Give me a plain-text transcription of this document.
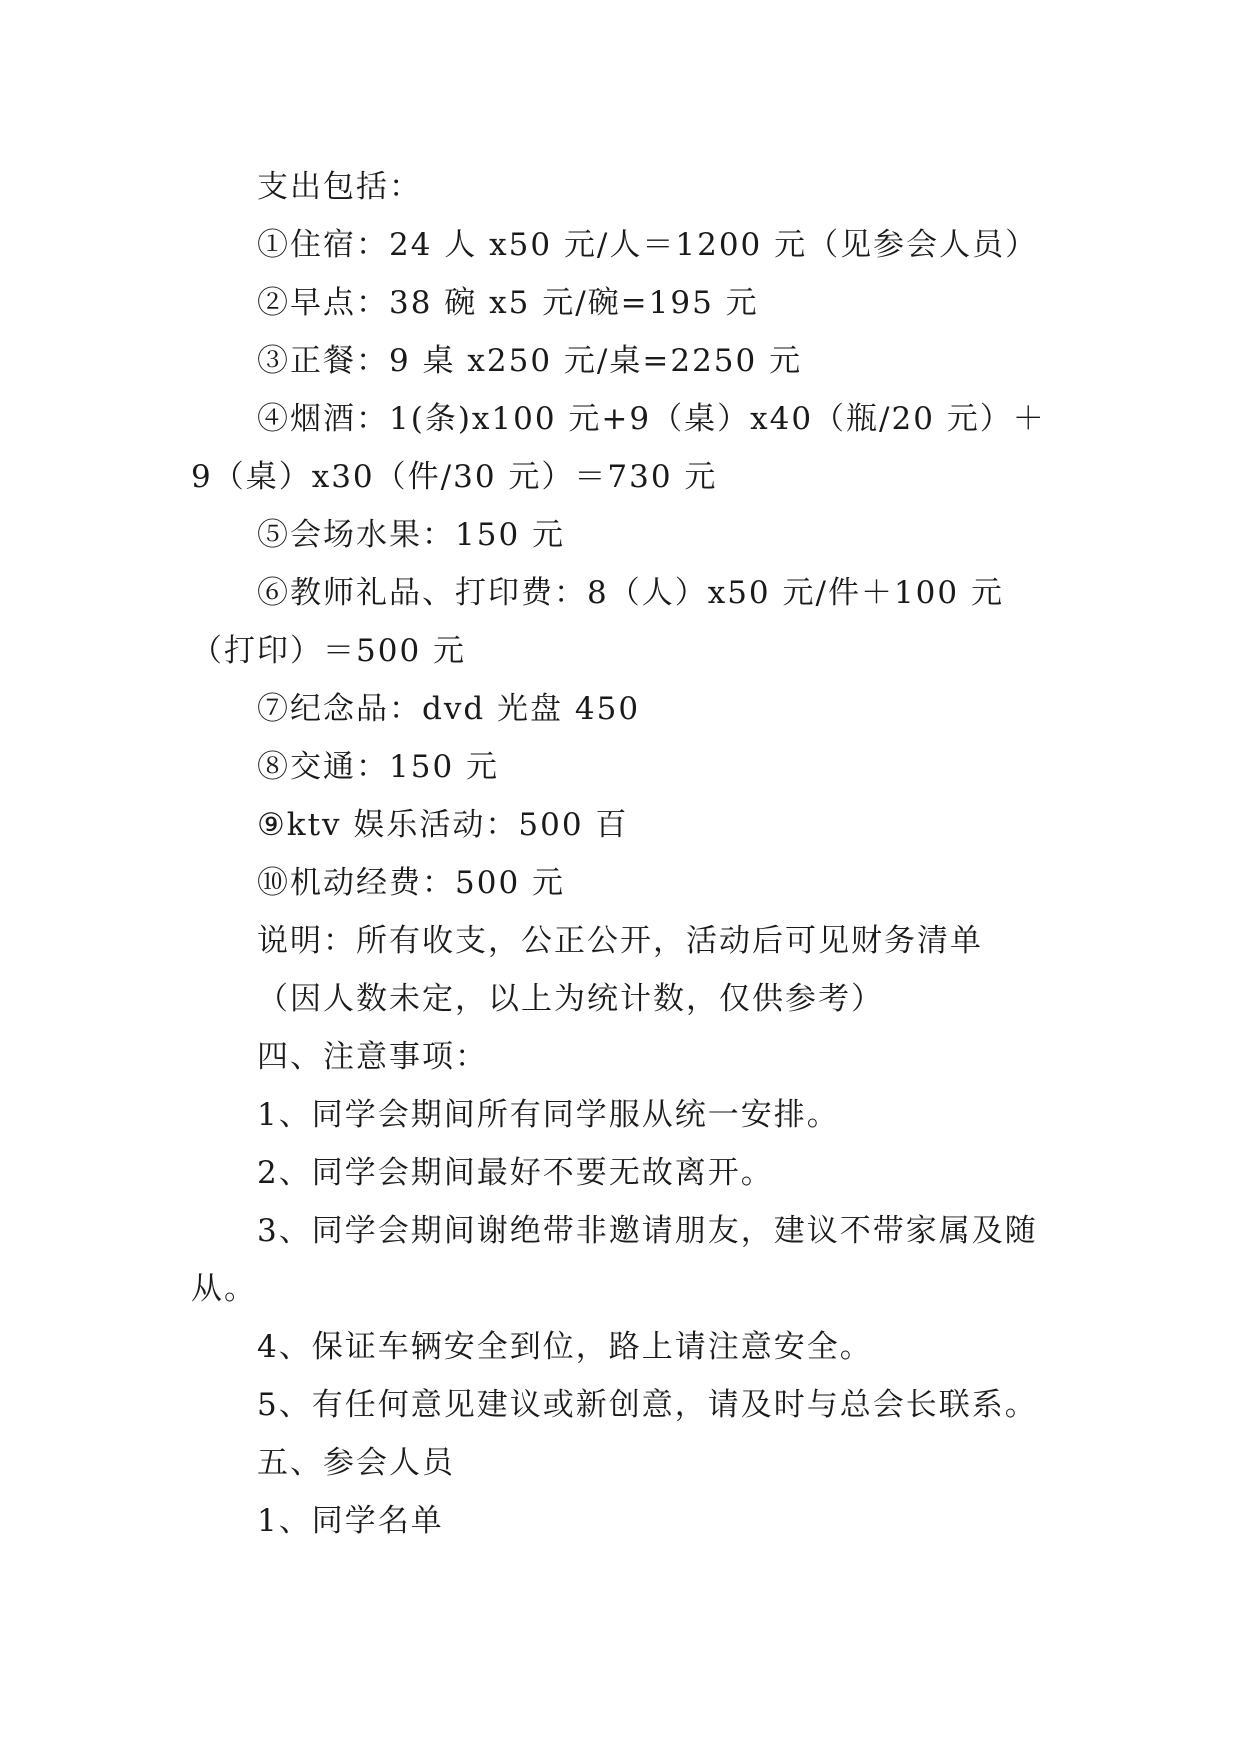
支出包括：

①住宿：24 人 x50 元/人＝1200 元（见参会人员）

②早点：38 碗 x5 元/碗=195 元

③正餐：9 桌 x250 元/桌=2250 元

④烟酒：1(条)x100 元+9（桌）x40（瓶/20 元）＋9（桌）x30（件/30 元）＝730 元

⑤会场水果：150 元

⑥教师礼品、打印费：8（人）x50 元/件＋100 元（打印）＝500 元

⑦纪念品：dvd 光盘 450

⑧交通：150 元

⑨ktv 娱乐活动：500 百

⑩机动经费：500 元

说明：所有收支，公正公开，活动后可见财务清单

（因人数未定，以上为统计数，仅供参考）

四、注意事项：

1、同学会期间所有同学服从统一安排。

2、同学会期间最好不要无故离开。

3、同学会期间谢绝带非邀请朋友，建议不带家属及随从。

4、保证车辆安全到位，路上请注意安全。

5、有任何意见建议或新创意，请及时与总会长联系。

五、参会人员

1、同学名单
